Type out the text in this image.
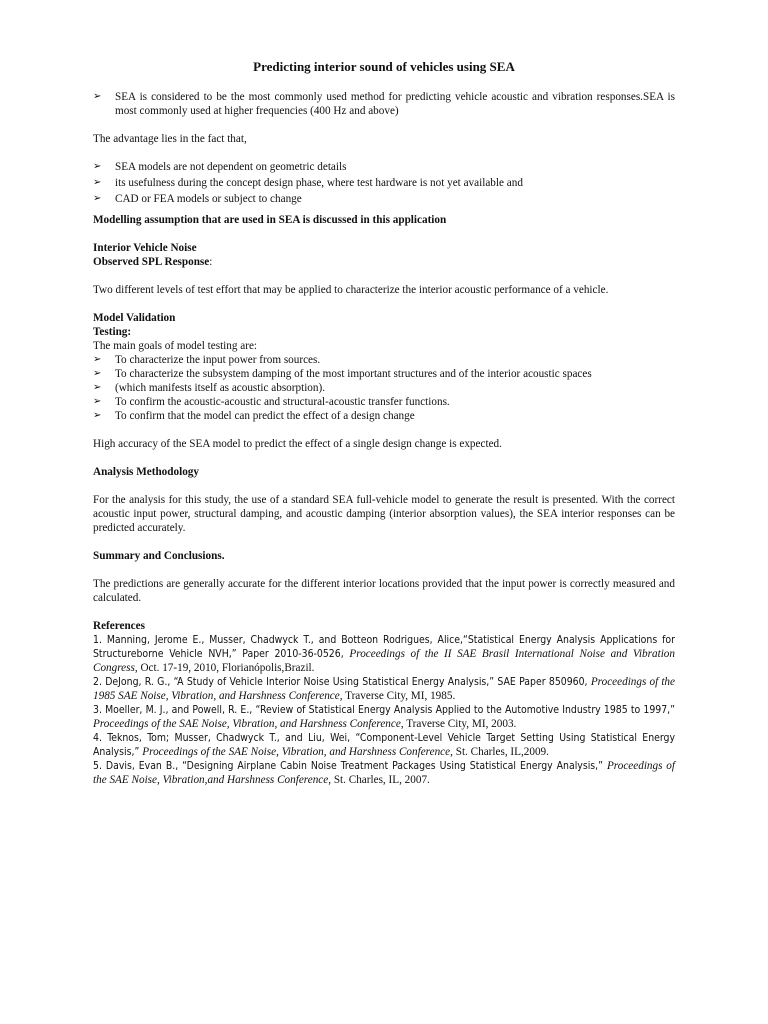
Predicting interior sound of vehicles using SEA
➢ SEA is considered to be the most commonly used method for predicting vehicle acoustic and vibration responses.SEA is most commonly used at higher frequencies (400 Hz and above)

The advantage lies in the fact that,

➢ SEA models are not dependent on geometric details
➢ its usefulness during the concept design phase, where test hardware is not yet available and
➢ CAD or FEA models or subject to change

Modelling assumption that are used in SEA is discussed in this application

Interior Vehicle Noise

Observed SPL Response:

Two different levels of test effort that may be applied to characterize the interior acoustic performance of a vehicle.

Model Validation

Testing:

The main goals of model testing are:

➢ To characterize the input power from sources.
➢ To characterize the subsystem damping of the most important structures and of the interior acoustic spaces
➢ (which manifests itself as acoustic absorption).
➢ To confirm the acoustic-acoustic and structural-acoustic transfer functions.
➢ To confirm that the model can predict the effect of a design change

High accuracy of the SEA model to predict the effect of a single design change is expected.

Analysis Methodology

For the analysis for this study, the use of a standard SEA full-vehicle model to generate the result is presented. With the correct acoustic input power, structural damping, and acoustic damping (interior absorption values), the SEA interior responses can be predicted accurately.

Summary and Conclusions.

The predictions are generally accurate for the different interior locations provided that the input power is correctly measured and calculated.

References

1. Manning, Jerome E., Musser, Chadwyck T., and Botteon Rodrigues, Alice,“Statistical Energy Analysis Applications for Structureborne Vehicle NVH,” Paper 2010-36-0526, Proceedings of the II SAE Brasil International Noise and Vibration Congress, Oct. 17-19, 2010, Florianópolis,Brazil.

2. DeJong, R. G., “A Study of Vehicle Interior Noise Using Statistical Energy Analysis,” SAE Paper 850960, Proceedings of the 1985 SAE Noise, Vibration, and Harshness Conference, Traverse City, MI, 1985.

3. Moeller, M. J., and Powell, R. E., “Review of Statistical Energy Analysis Applied to the Automotive Industry 1985 to 1997,” Proceedings of the SAE Noise, Vibration, and Harshness Conference, Traverse City, MI, 2003.

4. Teknos, Tom; Musser, Chadwyck T., and Liu, Wei, “Component-Level Vehicle Target Setting Using Statistical Energy Analysis,” Proceedings of the SAE Noise, Vibration, and Harshness Conference, St. Charles, IL,2009.

5. Davis, Evan B., “Designing Airplane Cabin Noise Treatment Packages Using Statistical Energy Analysis,” Proceedings of the SAE Noise, Vibration,and Harshness Conference, St. Charles, IL, 2007.
